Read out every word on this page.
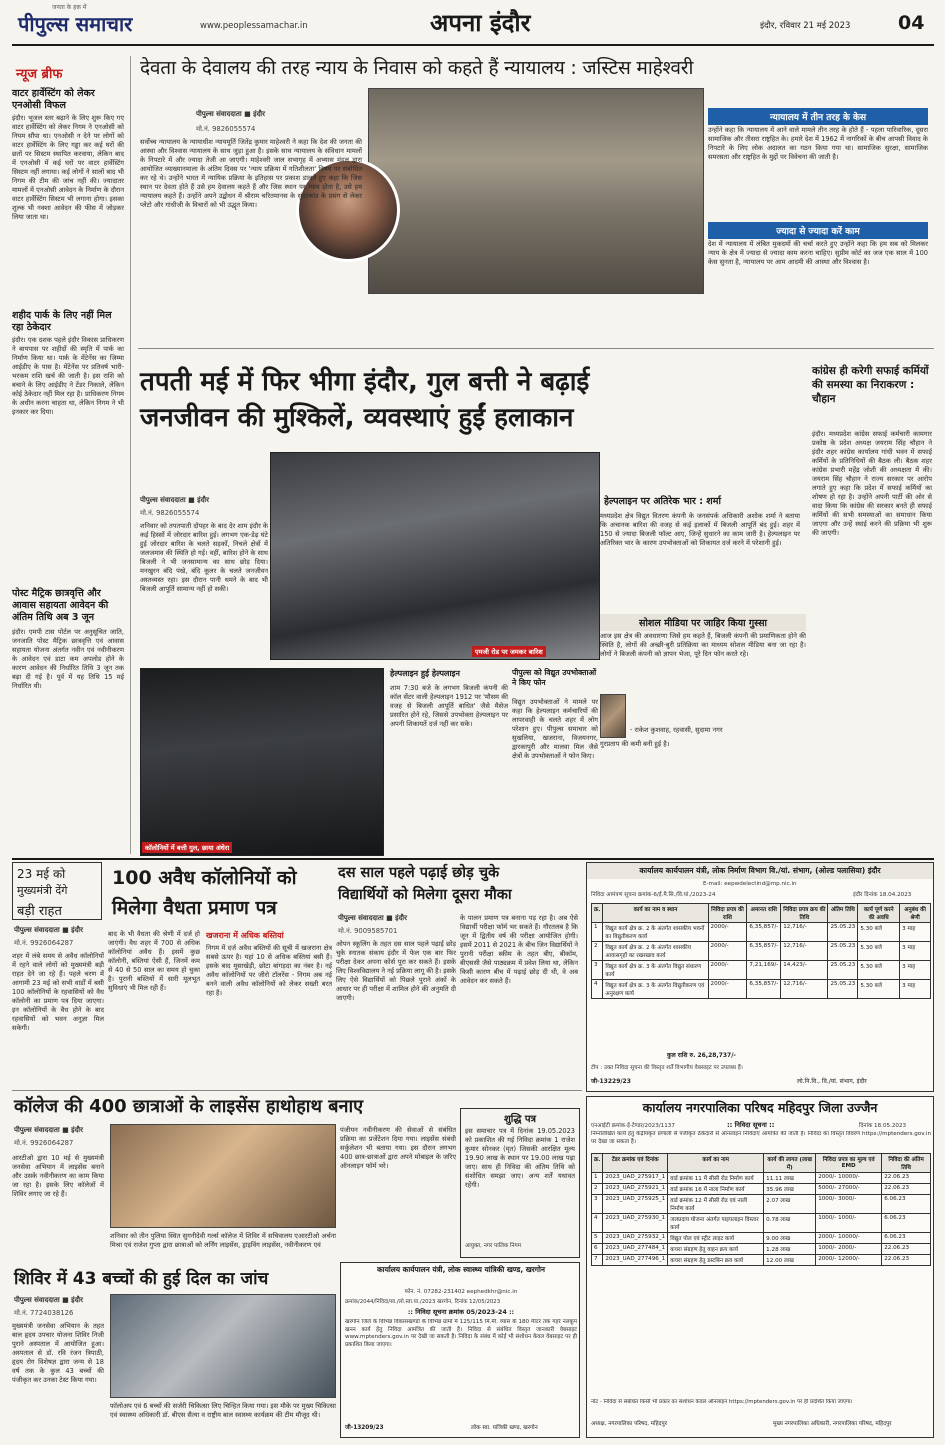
पीपुल्स समाचार
जनता के हक़ में
www.peoplessamachar.in	अपना इंदौर	इंदौर, रविवार 21 मई 2023	04
न्यूज ब्रीफ
वाटर हार्वेस्टिंग को लेकर एनओसी विफल
इंदौर। भूजल स्तर बढ़ाने के लिए शुरू किए गए वाटर हार्वेस्टिंग को लेकर निगम ने एनओसी को नियम सौंपा था। एनओसी न देने पर लोगों को वाटर हार्वेस्टिंग के लिए गड्ढा कर कई घरों की छतों पर सिस्टम स्थापित करवाया, लेकिन बाद में एनओसी में कई घरों पर वाटर हार्वेस्टिंग सिस्टम नहीं लगाया। कई लोगों ने सालों बाद भी निगम की टीम की जांच नहीं की। ज्यादातर मामलों में एनओसी आवेदन के निर्माण के दौरान वाटर हार्वेस्टिंग सिस्टम भी लगाना होगा। इसका शुल्क भी नक्शा आवेदन की फीस में जोड़कर लिया जाता था।
शहीद पार्क के लिए नहीं मिल रहा ठेकेदार
इंदौर। एक दशक पहले इंदौर विकास प्राधिकरण ने बायपास पर शहीदों की स्मृति में पार्क का निर्माण किया था। पार्क के मेंटेनेंस का जिम्मा आईडीए के पास है। मेंटेनेंस पर प्रतिवर्ष भारी-भरकम राशि खर्च की जाती है। इस राशि को बचाने के लिए आईडीए ने टेंडर निकाले, लेकिन कोई ठेकेदार नहीं मिल रहा है। प्राधिकरण निगम के अधीन करना चाहता था, लेकिन निगम ने भी इनकार कर दिया।
पोस्ट मैट्रिक छात्रवृत्ति और आवास सहायता आवेदन की अंतिम तिथि अब 3 जून
इंदौर। एमपी टास पोर्टल पर अनुसूचित जाति, जनजाति पोस्ट मैट्रिक छात्रवृत्ति एवं आवास सहायता योजना अंतर्गत नवीन एवं नवीनीकरण के आवेदन एवं डाटा कम अपलोड होने के कारण आवेदन की निर्धारित तिथि 3 जून तक बढ़ा दी गई है। पूर्व में यह तिथि 15 मई निर्धारित थी।
देवता के देवालय की तरह न्याय के निवास को कहते हैं न्यायालय : जस्टिस माहेश्वरी
पीपुल्स संवाददाता ■ इंदौर
मो.नं. 9826055574
सर्वोच्च न्यायालय के न्यायाधीश न्यायमूर्ति जितेंद्र कुमार माहेश्वरी ने कहा कि देश की जनता की आस्था और विश्वास न्यायालय के साथ जुड़ा हुआ है। इसके साथ न्यायालय के संविधान मामलों के निपटारे में और ज्यादा तेजी आ जाएगी। माहेश्वरी जाल सभागृह में अभ्यास मंडल द्वारा आयोजित व्याख्यानमाला के अंतिम दिवस पर 'न्याय प्रक्रिया में गतिशीलता' विषय पर संबोधित कर रहे थे। उन्होंने भारत में न्यायिक प्रक्रिया के इतिहास पर प्रकाश डालते हुए कहा कि जिस स्थान पर देवता होते हैं उसे हम देवालय कहते हैं और जिस स्थान पर न्याय होता है, उसे हम न्यायालय कहते हैं। उन्होंने अपने उद्बोधन में श्रीराम चरितमानस के सुंदरकांड के प्रसंग से लेकर प्लेटो और गांधीजी के विचारों को भी उद्धृत किया।
न्यायालय में तीन तरह के केस
उन्होंने कहा कि न्यायालय में आने वाले मामले तीन तरह के होते हैं - पहला पारिवारिक, दूसरा सामाजिक और तीसरा राष्ट्रहित के। हमारे देश में 1962 में नागरिकों के बीच आपसी विवाद के निपटारे के लिए लोक अदालत का गठन किया गया था। सामाजिक सुरक्षा, सामाजिक समरसता और राष्ट्रहित के मुद्दों पर विवेचना की जाती है।
ज्यादा से ज्यादा करें काम
देश में न्यायालय में लंबित मुकदमों की चर्चा करते हुए उन्होंने कहा कि हम सब को मिलकर न्याय के क्षेत्र में ज्यादा से ज्यादा काम करना चाहिए। सुप्रीम कोर्ट का जज एक साल में 100 केस सुनता है, न्यायालय पर आम आदमी की आस्था और विश्वास है।
तपती मई में फिर भीगा इंदौर, गुल बत्ती ने बढ़ाई
जनजीवन की मुश्किलें, व्यवस्थाएं हुईं हलाकान
पीपुल्स संवाददाता ■ इंदौर
मो.नं. 9826055574
शनिवार को तपतपाती दोपहर के बाद देर शाम इंदौर के कई हिस्सों में जोरदार बारिश हुई। लगभग एक-डेढ़ घंटे हुई जोरदार बारिश के चलते सड़कों, निचले क्षेत्रों में जलजमाव की स्थिति हो गई। वहीं, बारिश होने के साथ बिजली ने भी जनसामान्य का साथ छोड़ दिया। मनखुरन बंदि पंखे, बंदि कूलर के चलते जनजीवन अस्तव्यस्त रहा। इस दौरान पानी थमने के बाद भी बिजली आपूर्ति सामान्य नहीं हो सकी।
एमजी रोड पर जमकर बारिश
हेल्पलाइन पर अतिरेक भार : शर्मा
मध्यप्रदेश क्षेत्र विद्युत वितरण कंपनी के जनसंपर्क अधिकारी अशोक शर्मा ने बताया कि अचानक बारिश की वजह से कई इलाकों में बिजली आपूर्ति बंद हुई। शहर में 150 से ज्यादा बिजली फॉल्ट आए, जिन्हें सुधारने का काम जारी है। हेल्पलाइन पर अतिरिक्त भार के कारण उपभोक्ताओं को शिकायत दर्ज करने में परेशानी हुई।
सोशल मीडिया पर जाहिर किया गुस्सा
आज इस क्षेत्र की अवधारणा जिसे हम कहते हैं, बिजली कंपनी की प्रमाणिकता होने की स्थिति है, लोगों की अच्छी-बुरी प्रतिक्रिया का माध्यम सोशल मीडिया बना जा रहा है। लोगों ने बिजली कंपनी को ज्ञापन भेजा, पूरे दिन फोन करते रहे।
- राकेश कुशवाह, रहवासी, सुदामा नगर
गुरप्रताप की कमी बनी हुई है।
कॉलोनियों में बत्ती गुल, छाया अंधेरा
हेल्पलाइन हुई हेल्पलाइन
शाम 7:30 बजे के लगभग बिजली कंपनी की कॉल सेंटर वाली हेल्पलाइन 1912 पर 'मौसम की वजह से बिजली आपूर्ति बाधित' जैसे मैसेज प्रसारित होने रहे, जिससे उपभोक्ता हेल्पलाइन पर अपनी शिकायतें दर्ज नहीं कर सके।
पीपुल्स को विद्युत उपभोक्ताओं ने किए फोन
विद्युत उपभोक्ताओं ने मामले पर कहा कि हेल्पलाइन कर्मचारियों की लापरवाही के चलते शहर में लोग परेशान हुए। पीपुल्स समाचार को सुखलिया, खजराना, विजयनगर, द्वारकापुरी और मालवा मिल जैसे क्षेत्रों के उपभोक्ताओं ने फोन किए।
कांग्रेस ही करेगी सफाई कर्मियों की समस्या का निराकरण : चौहान
इंदौर। मध्यप्रदेश कांग्रेस सफाई कर्मचारी कामगार प्रकोष्ठ के प्रदेश अध्यक्ष जयराम सिंह चौहान ने इंदौर शहर कांग्रेस कार्यालय गांधी भवन में सफाई कर्मियों के प्रतिनिधियों की बैठक ली। बैठक शहर कांग्रेस प्रभारी महेंद्र जोशी की अध्यक्षता में की। जयराम सिंह चौहान ने राज्य सरकार पर आरोप लगाते हुए कहा कि प्रदेश में सफाई कर्मियों का शोषण हो रहा है। उन्होंने अपनी पार्टी की ओर से वादा किया कि कांग्रेस की सरकार बनते ही सफाई कर्मियों की सभी समस्याओं का समाधान किया जाएगा और उन्हें स्थाई करने की प्रक्रिया भी शुरू की जाएगी।
23 मई को
मुख्यमंत्री देंगे
बड़ी राहत
100 अवैध कॉलोनियों को
मिलेगा वैधता प्रमाण पत्र
पीपुल्स संवाददाता ■ इंदौर
मो.नं. 9926064287
शहर में लंबे समय से अवैध कॉलोनियों में रहने वाले लोगों को मुख्यमंत्री बड़ी राहत देने जा रहे हैं। पहले चरण में आगामी 23 मई को सभी वार्डों में बसी 100 कॉलोनियों के रहवासियों को वैध कॉलोनी का प्रमाण पत्र दिया जाएगा। इन कॉलोनियों के वैध होने के बाद रहवासियों को भवन अनुज्ञा मिल सकेगी।
बाद के भी वैधता की श्रेणी में दर्ज हो जाएंगी। वैध शहर में 700 से अधिक कॉलोनियां अवैध हैं। इसमें कुछ कॉलोनी, बस्तियां ऐसी हैं, जिनमें कम से 40 से 50 साल का समय हो चुका है। पुरानी बस्तियों में सारी मूलभूत सुविधाएं भी मिल रही हैं।
खजराना में अधिक बस्तियां
निगम में दर्ज अवैध बस्तियों की सूची में खजराना क्षेत्र सबसे ऊपर है। यहां 10 से अधिक बस्तियां बसी हैं। इसके बाद मूसाखेड़ी, छोटा बांगड़दा का नंबर है। नई अवैध कॉलोनियों पर जीरो टॉलरेंस - निगम अब नई बनने वाली अवैध कॉलोनियों को लेकर सख्ती बरत रहा है।
दस साल पहले पढ़ाई छोड़ चुके
विद्यार्थियों को मिलेगा दूसरा मौका
पीपुल्स संवाददाता ■ इंदौर
मो.नं. 9009585701
ओपन स्कूलिंग के तहत दस साल पहले पढ़ाई छोड़ चुके स्नातक संकाय इंदौर में फेल एक बार फिर परीक्षा देकर अपना कोर्स पूरा कर सकते हैं। इसके लिए विश्वविद्यालय ने नई प्रक्रिया लागू की है। इसके लिए ऐसे विद्यार्थियों को पिछले पुराने अंकों के आधार पर ही परीक्षा में शामिल होने की अनुमति दी जाएगी।
के पालन प्रमाण पत्र बनाना पड़ रहा है। अब ऐसे विद्यार्थी परीक्षा फॉर्म भर सकते हैं। गौरतलब है कि जून में द्वितीय वर्ष की परीक्षा आयोजित होगी। इसमें 2011 से 2021 के बीच जिन विद्यार्थियों ने पुरानी परीक्षा स्कीम के तहत बीए, बीकॉम, बीएससी जैसे पाठ्यक्रम में प्रवेश लिया था, लेकिन किसी कारण बीच में पढ़ाई छोड़ दी थी, वे अब आवेदन कर सकते हैं।
कार्यालय कार्यपालन यंत्री, लोक निर्माण विभाग वि./यां. संभाग, (ओल्ड पलासिया) इंदौर
E-mail: eepwdelectind@mp.nic.in
निविदा आमंत्रण सूचना क्रमांक-6/ई.मै.सि./वि.यां./2023-24	इंदौर दिनांक 18.04.2023
क्र.	कार्य का नाम व स्थान	निविदा प्रपत्र की राशि	अमानत राशि	निविदा प्रपत्र क्रय की तिथि	अंतिम तिथि	कार्य पूर्ण करने की अवधि	अनुबंध की श्रेणी
1	विद्युत कार्य क्षेत्र क्र. 2 के अंतर्गत शासकीय भवनों का विद्युतीकरण कार्य	2000/-	6,35,857/-	12,716/-	25.05.23	5.30 बजे	3 माह
2	विद्युत कार्य क्षेत्र क्र. 2 के अंतर्गत शासकीय आवासगृहों का रखरखाव कार्य	2000/-	6,35,857/-	12,716/-	25.05.23	5.30 बजे	3 माह
3	विद्युत कार्य क्षेत्र क्र. 3 के अंतर्गत विद्युत संधारण कार्य	2000/-	7,21,169/-	14,423/-	25.05.23	5.30 बजे	3 माह
4	विद्युत कार्य क्षेत्र क्र. 3 के अंतर्गत विद्युतीकरण एवं अनुरक्षण कार्य	2000/-	6,35,857/-	12,716/-	25.05.23	5.30 बजे	3 माह
कुल राशि रु. 26,28,737/-
टीप : उक्त निविदा सूचना की विस्तृत शर्तें विभागीय वेबसाइट पर उपलब्ध हैं।
जी-13229/23	लो.नि.वि., वि./यां. संभाग, इंदौर
कॉलेज की 400 छात्राओं के लाइसेंस हाथोहाथ बनाए
पीपुल्स संवाददाता ■ इंदौर
मो.नं. 9926064287
आरटीओ द्वारा 10 मई से मुख्यमंत्री जनसेवा अभियान में लाइसेंस बनाने और उसके नवीनीकरण का काम किया जा रहा है। इसके लिए कॉलेजों में शिविर लगाए जा रहे हैं।
शनिवार को तीन पुलिया स्थित सुगनीदेवी गर्ल्स कॉलेज में शिविर में सचिवालय एआरटीओ अर्चना मिश्रा एवं राजेश गुप्ता द्वारा छात्राओं को लर्निंग लाइसेंस, ड्राइविंग लाइसेंस, नवीनीकरण एवं
पंजीयन नवीनीकरण की सेवाओं से संबंधित प्रक्रिया का प्रजेंटेशन दिया गया। लाइसेंस संबंधी सर्कुलेशन भी बताया गया। इस दौरान लगभग 400 छात्र-छात्राओं द्वारा अपने मोबाइल के जरिए ऑनलाइन फॉर्म भरे।
शुद्धि पत्र
इस समाचार पत्र में दिनांक 19.05.2023 को प्रकाशित की गई निविदा क्रमांक 1 राजेश कुमार सोनकर (मृत) जिसकी आरक्षित मूल्य 19.90 लाख के स्थान पर 19.00 लाख पढ़ा जाए। साथ ही निविदा की अंतिम तिथि को संशोधित समझा जाए। अन्य शर्तें यथावत रहेंगी।
आयुक्त, नगर पालिक निगम
शिविर में 43 बच्चों की हुई दिल का जांच
पीपुल्स संवाददाता ■ इंदौर
मो.नं. 7724038126
मुख्यमंत्री जनसेवा अभियान के तहत बाल हृदय उपचार योजना शिविर निजी पुराने अस्पताल में आयोजित हुआ। अस्पताल से डॉ. रवि रंजन त्रिपाठी, हृदय रोग विशेषज्ञ द्वारा जन्म से 18 वर्ष तक के कुल 43 बच्चों की पंजीकृत कर उनका टेस्ट किया गया।
फॉलोअप एवं 6 बच्चों की सर्जरी चिकित्सा लिए चिन्हित किया गया। इस मौके पर मुख्य चिकित्सा एवं स्वास्थ्य अधिकारी डॉ. बीएस सैत्या व राष्ट्रीय बाल स्वास्थ्य कार्यक्रम की टीम मौजूद थी।
कार्यालय कार्यपालन यंत्री, लोक स्वास्थ्य यांत्रिकी खण्ड, खरगोन
फोन. नं. 07282-231402 eephedkhr@nic.in
क्रमांक/2044/निविदा/सा./लो.स्वा.या./2023 खरगोन, दिनांक 12/05/2023
:: निविदा सूचना क्रमांक 05/2023-24 ::
खरगोन जिले के विभिन्न विकासखण्डों के विभिन्न ग्रामों में 125/115 मि.मी. व्यास के 180 मीटर तक गहरे नलकूप खनन कार्य हेतु निविदा आमंत्रित की जाती है। निविदा से संबंधित विस्तृत जानकारी वेबसाइट www.mptenders.gov.in पर देखी जा सकती है। निविदा के संबंध में कोई भी संशोधन केवल वेबसाइट पर ही प्रकाशित किया जाएगा।
जी-13209/23	लोक स्वा. यांत्रिकी खण्ड, खरगोन
कार्यालय नगरपालिका परिषद महिदपुर जिला उज्जैन
एनआईटी क्रमांक-ई-टेण्डर/2023/1137	:: निविदा सूचना ::	दिनांक 18.05.2023
निम्नलिखित कार्य हेतु केंद्रीयकृत प्रणाली से पंजीकृत ठेकेदारों से ऑनलाइन निविदाएं आमंत्रित की जाती हैं। निविदा का विस्तृत विवरण https://mptenders.gov.in पर देखा जा सकता है।
क्र.	टेंडर क्रमांक एवं दिनांक	कार्य का नाम	कार्य की लागत (लाख में)	निविदा प्रपत्र का मूल्य एवं EMD	निविदा की अंतिम तिथि
1	2023_UAD_275917_1	वार्ड क्रमांक 11 में सीसी रोड निर्माण कार्य	11.11 लाख	2000/- 10000/-	22.06.23
2	2023_UAD_275921_1	वार्ड क्रमांक 16 में नाला निर्माण कार्य	35.96 लाख	5000/- 27000/-	22.06.23
3	2023_UAD_275925_1	वार्ड क्रमांक 12 में सीसी रोड एवं नाली निर्माण कार्य	2.07 लाख	1000/- 3000/-	6.06.23
4	2023_UAD_275930_1	जलप्रदाय योजना अंतर्गत पाइपलाइन विस्तार कार्य	0.78 लाख	1000/- 1000/-	6.06.23
5	2023_UAD_275932_1	विद्युत पोल एवं स्ट्रीट लाइट कार्य	9.00 लाख	2000/- 10000/-	6.06.23
6	2023_UAD_277484_1	कचरा संग्रहण हेतु वाहन क्रय कार्य	1.28 लाख	1000/- 2000/-	22.06.23
7	2023_UAD_277496_1	कचरा संग्रहण हेतु डस्टबिन क्रय कार्य	12.00 लाख	2000/- 12000/-	22.06.23
नोट - निविदा से संबंधित किसी भी प्रकार का संशोधन केवल ऑनलाइन https://mptenders.gov.in पर ही प्रदर्शित किया जाएगा।
अध्यक्ष, नगरपालिका परिषद, महिदपुर	मुख्य नगरपालिका अधिकारी, नगरपालिका परिषद, महिदपुर
